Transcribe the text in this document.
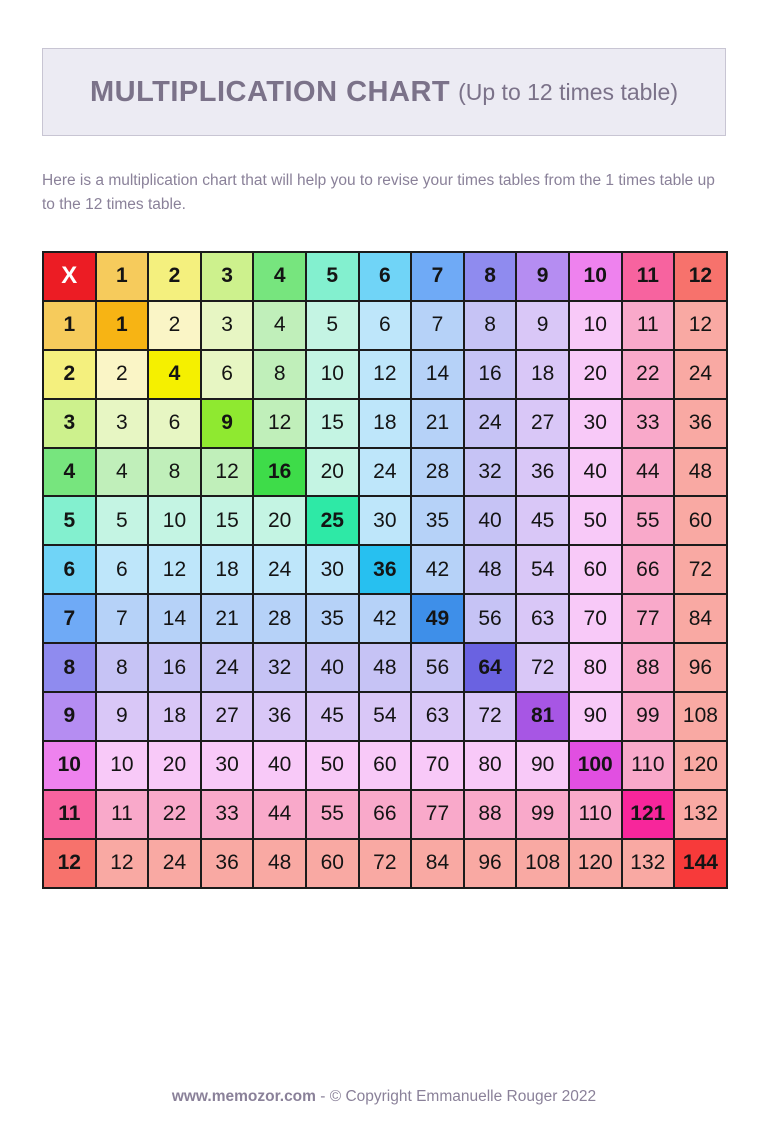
MULTIPLICATION CHART (Up to 12 times table)

Here is a multiplication chart that will help you to revise your times tables from the 1 times table up to the 12 times table.

X	1	2	3	4	5	6	7	8	9	10	11	12
1	1	2	3	4	5	6	7	8	9	10	11	12
2	2	4	6	8	10	12	14	16	18	20	22	24
3	3	6	9	12	15	18	21	24	27	30	33	36
4	4	8	12	16	20	24	28	32	36	40	44	48
5	5	10	15	20	25	30	35	40	45	50	55	60
6	6	12	18	24	30	36	42	48	54	60	66	72
7	7	14	21	28	35	42	49	56	63	70	77	84
8	8	16	24	32	40	48	56	64	72	80	88	96
9	9	18	27	36	45	54	63	72	81	90	99	108
10	10	20	30	40	50	60	70	80	90	100	110	120
11	11	22	33	44	55	66	77	88	99	110	121	132
12	12	24	36	48	60	72	84	96	108	120	132	144

www.memozor.com - © Copyright Emmanuelle Rouger 2022
